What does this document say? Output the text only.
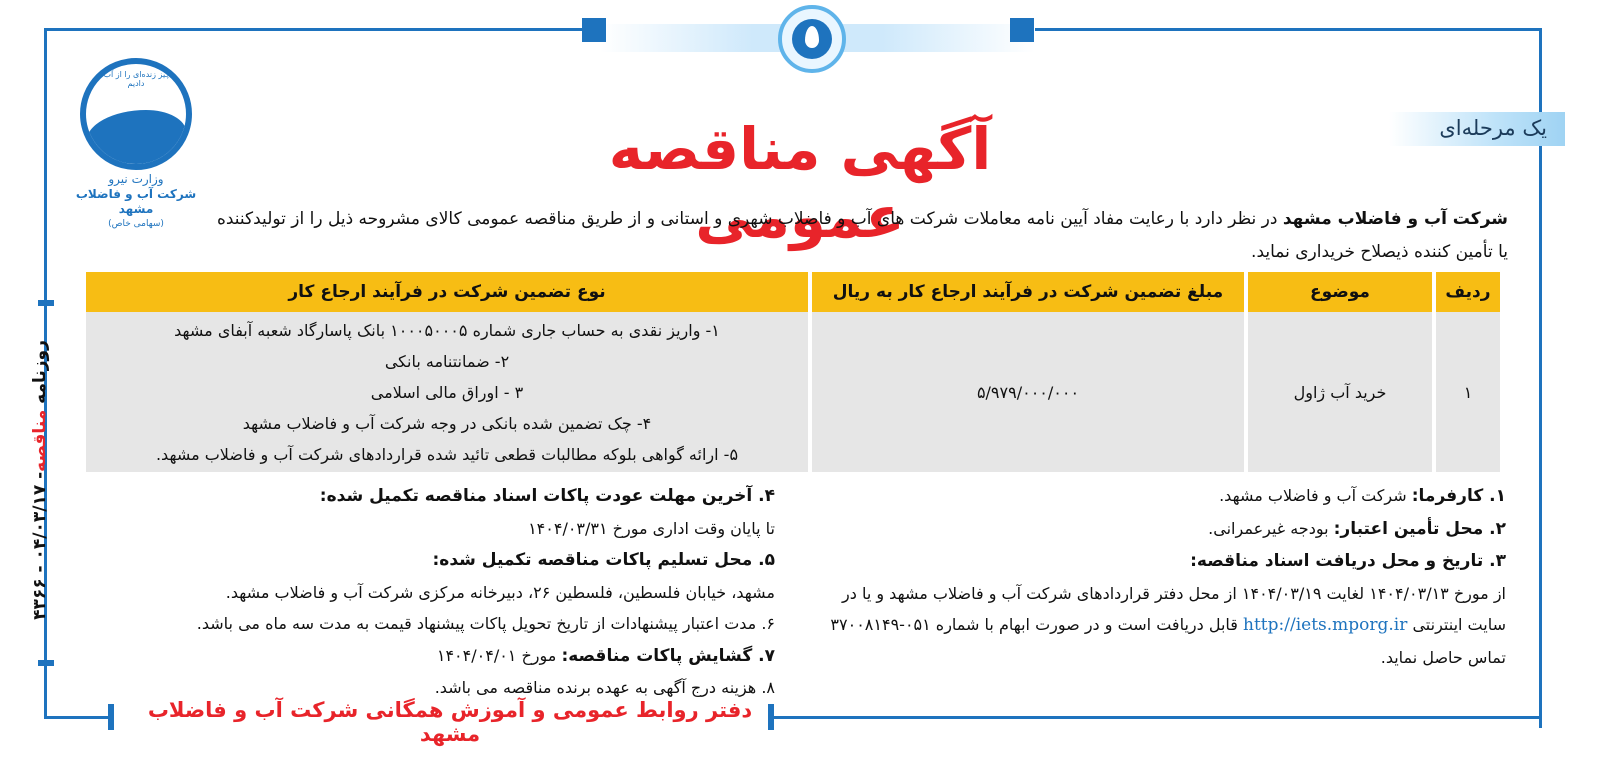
یک مرحله‌ای
وهر چیز زنده‌ای را از آب قرار دادیم
وزارت نیرو
شرکت آب و فاضلاب مشهد
(سهامی خاص)
آگهی مناقصه عمومی	شرکت آب و فاضلاب مشهد در نظر دارد با رعایت مفاد آیین نامه معاملات شرکت های آب و فاضلاب شهری و استانی و از طریق مناقصه عمومی کالای مشروحه ذیل را از تولیدکننده یا تأمین کننده ذیصلاح خریداری نماید.
ردیف	موضوع	مبلغ تضمین شرکت در فرآیند ارجاع کار به ریال	نوع تضمین شرکت در فرآیند ارجاع کار
۱	خرید آب ژاول	۵/۹۷۹/۰۰۰/۰۰۰	۱- واریز نقدی به حساب جاری شماره ۱۰۰۰۵۰۰۰۵ بانک پاسارگاد شعبه آبفای مشهد
۲- ضمانتنامه بانکی
۳ - اوراق مالی اسلامی
۴- چک تضمین شده بانکی در وجه شرکت آب و فاضلاب مشهد
۵- ارائه گواهی بلوکه مطالبات قطعی تائید شده قراردادهای شرکت آب و فاضلاب مشهد.
۱. کارفرما: شرکت آب و فاضلاب مشهد.
۲. محل تأمین اعتبار: بودجه غیرعمرانی.
۳. تاریخ و محل دریافت اسناد مناقصه:
از مورخ ۱۴۰۴/۰۳/۱۳ لغایت ۱۴۰۴/۰۳/۱۹ از محل دفتر قراردادهای شرکت آب و فاضلاب مشهد و یا در سایت اینترنتی http://iets.mporg.ir قابل دریافت است و در صورت ابهام با شماره ۰۵۱-۳۷۰۰۸۱۴۹ تماس حاصل نماید.
۴. آخرین مهلت عودت پاکات اسناد مناقصه تکمیل شده:
تا پایان وقت اداری مورخ ۱۴۰۴/۰۳/۳۱
۵. محل تسلیم پاکات مناقصه تکمیل شده:
مشهد، خیابان فلسطین، فلسطین ۲۶، دبیرخانه مرکزی شرکت آب و فاضلاب مشهد.
۶. مدت اعتبار پیشنهادات از تاریخ تحویل پاکات پیشنهاد قیمت به مدت سه ماه می باشد.
۷. گشایش پاکات مناقصه: مورخ ۱۴۰۴/۰۴/۰۱
۸. هزینه درج آگهی به عهده برنده مناقصه می باشد.
دفتر روابط عمومی و آموزش همگانی شرکت آب و فاضلاب مشهد
روزنامه مناقصه- ۰۴/۰۳/۱۷ - ۴۳۶۶
